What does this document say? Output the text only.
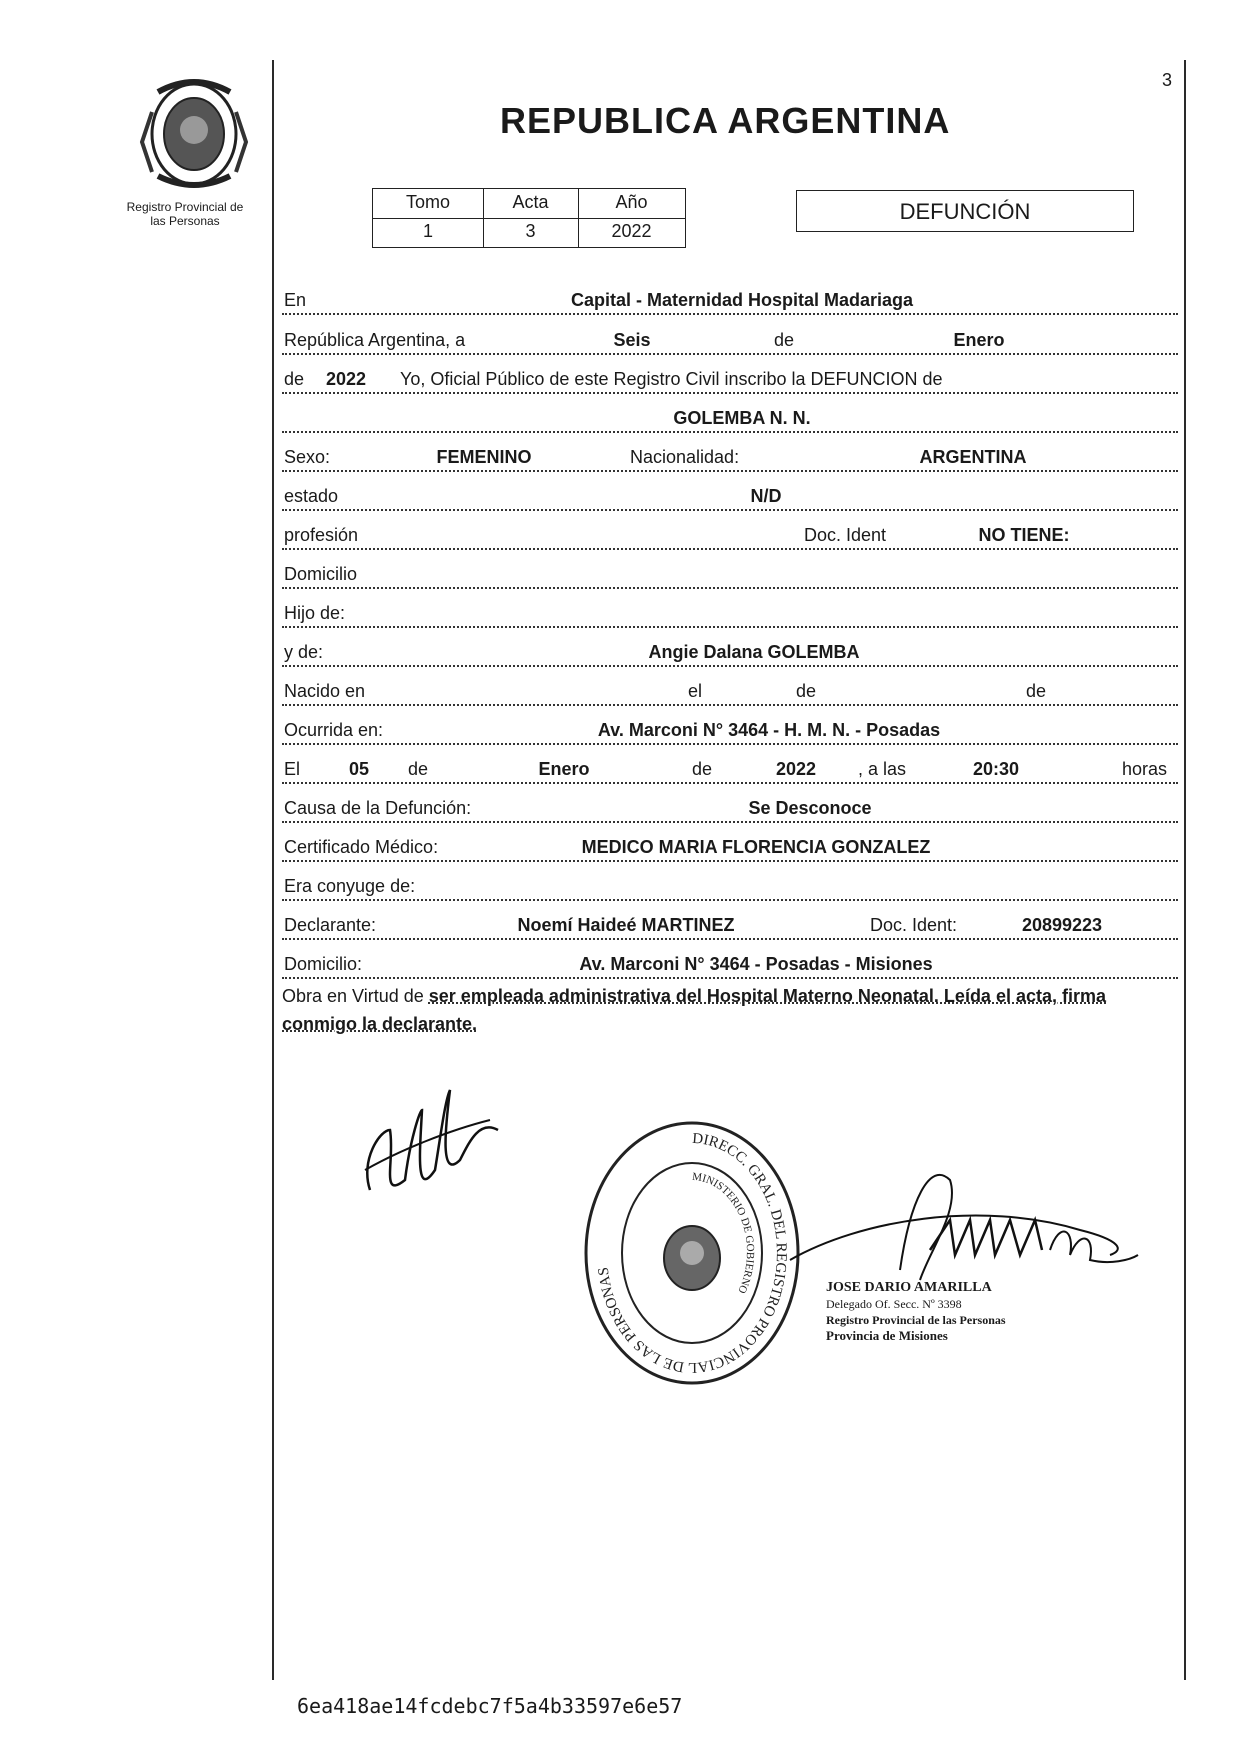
3
Registro Provincial de
las Personas
REPUBLICA ARGENTINA
Tomo	Acta	Año
1	3	2022
DEFUNCIÓN
En	Capital - Maternidad Hospital Madariaga
República Argentina, a	Seis	de	Enero
de 2022 Yo, Oficial Público de este Registro Civil inscribo la DEFUNCION de
GOLEMBA N. N.
Sexo:	FEMENINO	Nacionalidad:	ARGENTINA
estado	N/D
profesión	Doc. Ident	NO TIENE:
Domicilio
Hijo de:
y de:	Angie Dalana GOLEMBA
Nacido en	el	de	de
Ocurrida en:	Av. Marconi N° 3464 - H. M. N. - Posadas
El	05 de	Enero	de	2022 , a las	20:30	horas
Causa de la Defunción:	Se Desconoce
Certificado Médico:	MEDICO MARIA FLORENCIA GONZALEZ
Era conyuge de:
Declarante:	Noemí Haideé MARTINEZ	Doc. Ident:	20899223
Domicilio:	Av. Marconi N° 3464 - Posadas - Misiones
Obra en Virtud de ser empleada administrativa del Hospital Materno Neonatal. Leída el acta, firma conmigo la declarante.
DIRECC. GRAL. DEL REGISTRO PROVINCIAL DE LAS PERSONAS
MINISTERIO DE GOBIERNO	JOSE DARIO AMARILLA
Delegado Of. Secc. Nº 3398
Registro Provincial de las Personas
Provincia de Misiones
6ea418ae14fcdebc7f5a4b33597e6e57
